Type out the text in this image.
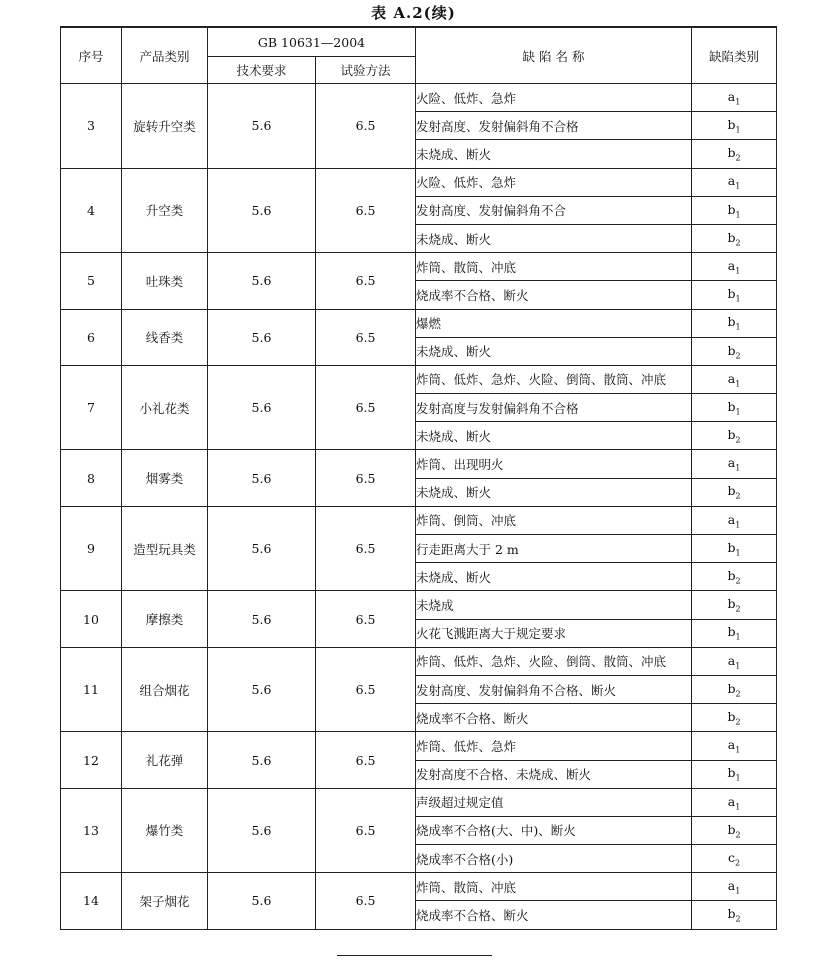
表 A.2(续)
序号	产品类别	GB 10631—2004		缺 陷 名 称	缺陷类别
		技术要求	试验方法		
3	旋转升空类	5.6	6.5	火险、低炸、急炸	$a_1$
				发射高度、发射偏斜角不合格	$b_1$
				未烧成、断火	$b_2$
4	升空类	5.6	6.5	火险、低炸、急炸	$a_1$
				发射高度、发射偏斜角不合	$b_1$
				未烧成、断火	$b_2$
5	吐珠类	5.6	6.5	炸筒、散筒、冲底	$a_1$
				烧成率不合格、断火	$b_1$
6	线香类	5.6	6.5	爆燃	$b_1$
				未烧成、断火	$b_2$
7	小礼花类	5.6	6.5	炸筒、低炸、急炸、火险、倒筒、散筒、冲底	$a_1$
				发射高度与发射偏斜角不合格	$b_1$
				未烧成、断火	$b_2$
8	烟雾类	5.6	6.5	炸筒、出现明火	$a_1$
				未烧成、断火	$b_2$
9	造型玩具类	5.6	6.5	炸筒、倒筒、冲底	$a_1$
				行走距离大于 2 m	$b_1$
				未烧成、断火	$b_2$
10	摩擦类	5.6	6.5	未烧成	$b_2$
				火花飞溅距离大于规定要求	$b_1$
11	组合烟花	5.6	6.5	炸筒、低炸、急炸、火险、倒筒、散筒、冲底	$a_1$
				发射高度、发射偏斜角不合格、断火	$b_2$
				烧成率不合格、断火	$b_2$
12	礼花弹	5.6	6.5	炸筒、低炸、急炸	$a_1$
				发射高度不合格、未烧成、断火	$b_1$
13	爆竹类	5.6	6.5	声级超过规定值	$a_1$
				烧成率不合格(大、中)、断火	$b_2$
				烧成率不合格(小)	$c_2$
14	架子烟花	5.6	6.5	炸筒、散筒、冲底	$a_1$
				烧成率不合格、断火	$b_2$
